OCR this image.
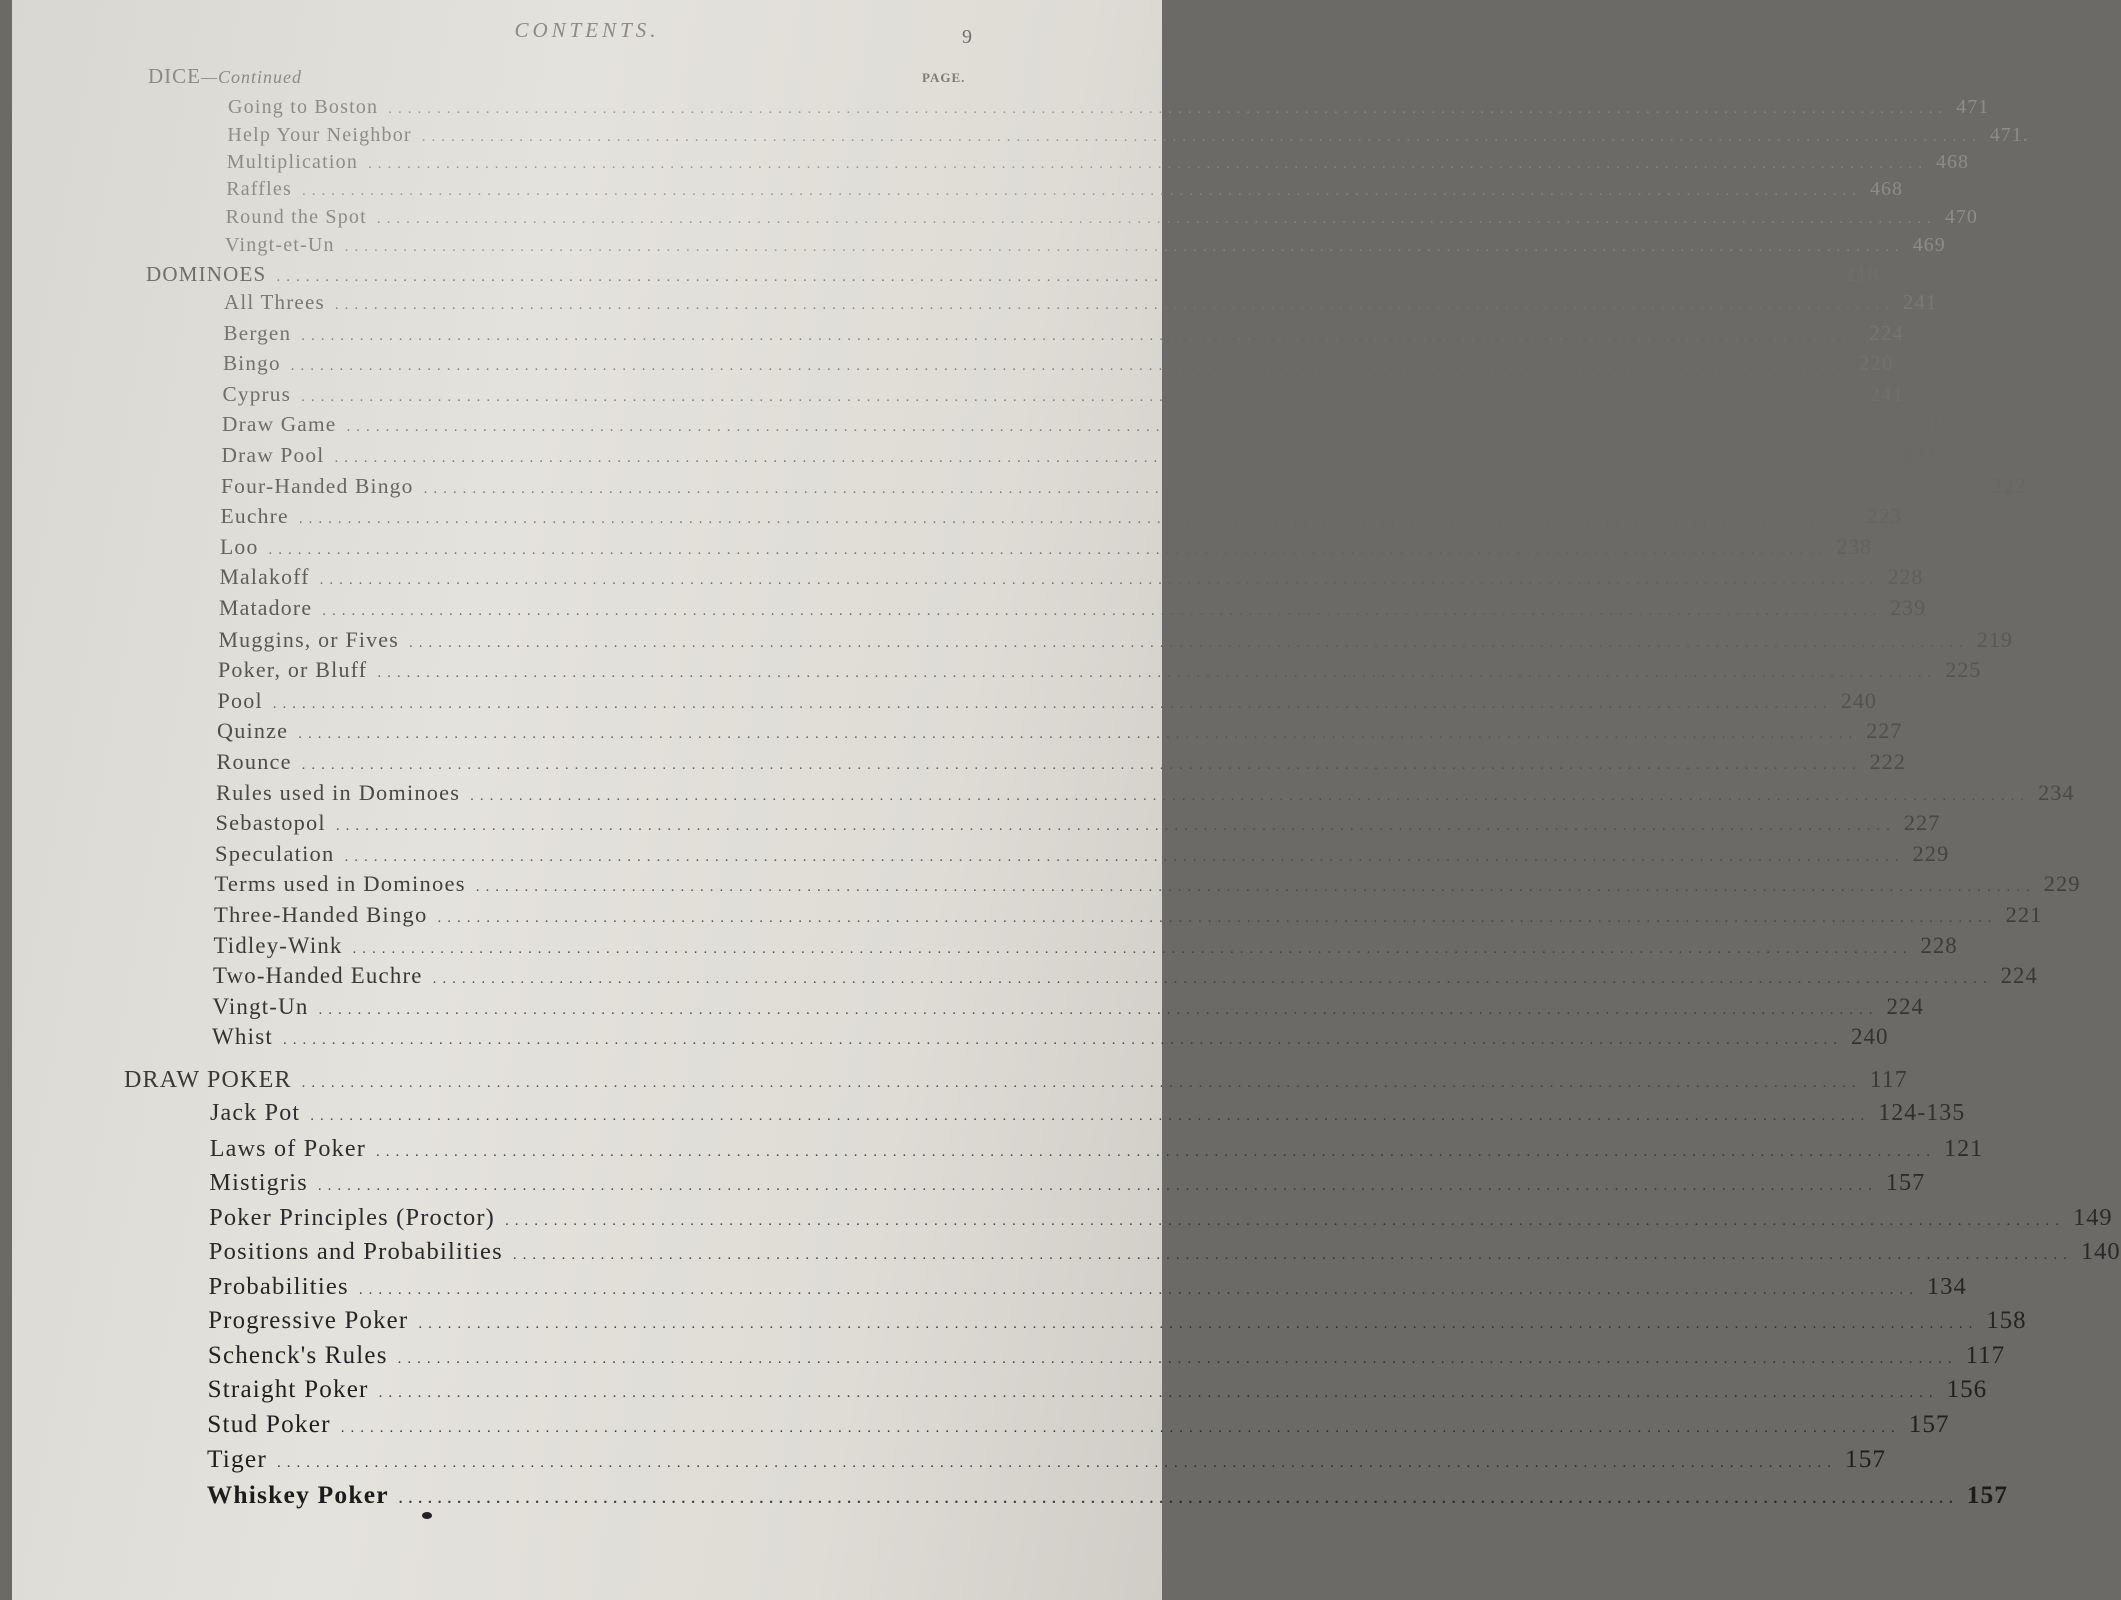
CONTENTS.	9
PAGE.
DICE—Continued
Going to Boston ................................................................................................................................................................ 471
Help Your Neighbor ................................................................................................................................................................ 471.
Multiplication ................................................................................................................................................................ 468
Raffles ................................................................................................................................................................ 468
Round the Spot ................................................................................................................................................................ 470
Vingt-et-Un ................................................................................................................................................................ 469
DOMINOES ................................................................................................................................................................ 218
All Threes ................................................................................................................................................................ 241
Bergen ................................................................................................................................................................ 224
Bingo ................................................................................................................................................................ 220
Cyprus ................................................................................................................................................................ 241
Draw Game ................................................................................................................................................................ 219
Draw Pool ................................................................................................................................................................ 241
Four-Handed Bingo ................................................................................................................................................................ 222
Euchre ................................................................................................................................................................ 223
Loo ................................................................................................................................................................ 238
Malakoff ................................................................................................................................................................ 228
Matadore ................................................................................................................................................................ 239
Muggins, or Fives ................................................................................................................................................................ 219
Poker, or Bluff ................................................................................................................................................................ 225
Pool ................................................................................................................................................................ 240
Quinze ................................................................................................................................................................ 227
Rounce ................................................................................................................................................................ 222
Rules used in Dominoes ................................................................................................................................................................ 234
Sebastopol ................................................................................................................................................................ 227
Speculation ................................................................................................................................................................ 229
Terms used in Dominoes ................................................................................................................................................................ 229
Three-Handed Bingo ................................................................................................................................................................ 221
Tidley-Wink ................................................................................................................................................................ 228
Two-Handed Euchre ................................................................................................................................................................ 224
Vingt-Un ................................................................................................................................................................ 224
Whist ................................................................................................................................................................ 240
DRAW POKER ................................................................................................................................................................ 117
Jack Pot ................................................................................................................................................................ 124-135
Laws of Poker ................................................................................................................................................................ 121
Mistigris ................................................................................................................................................................ 157
Poker Principles (Proctor) ................................................................................................................................................................ 149
Positions and Probabilities ................................................................................................................................................................ 140
Probabilities ................................................................................................................................................................ 134
Progressive Poker ................................................................................................................................................................ 158
Schenck's Rules ................................................................................................................................................................ 117
Straight Poker ................................................................................................................................................................ 156
Stud Poker ................................................................................................................................................................ 157
Tiger ................................................................................................................................................................ 157
Whiskey Poker ................................................................................................................................................................ 157
